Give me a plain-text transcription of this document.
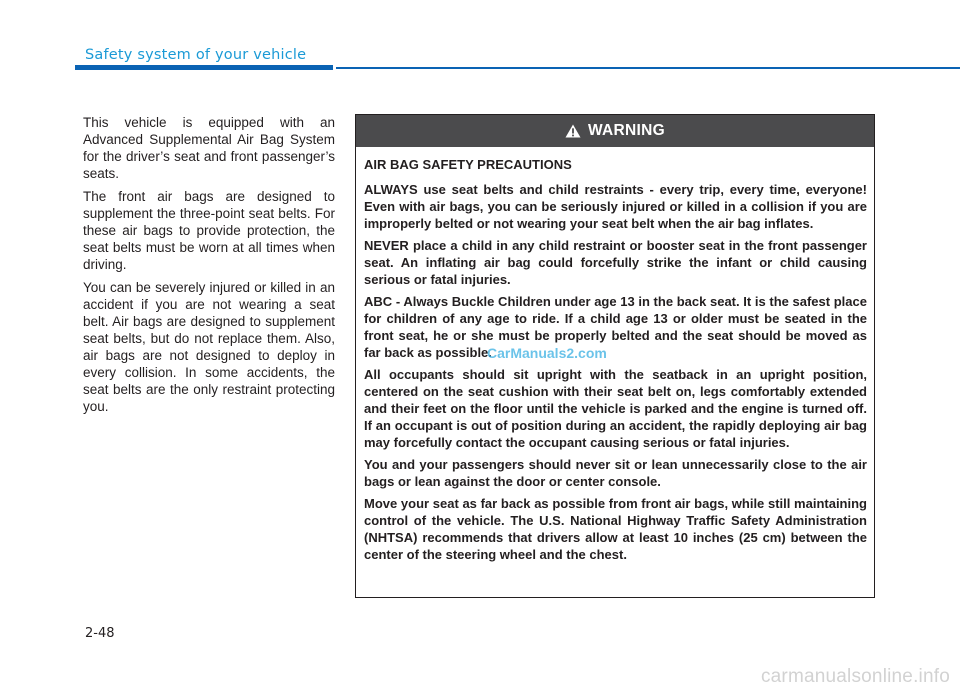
Safety system of your vehicle

This vehicle is equipped with an Advanced Supplemental Air Bag System for the driver’s seat and front passenger’s seats.

The front air bags are designed to supplement the three-point seat belts. For these air bags to provide protection, the seat belts must be worn at all times when driving.

You can be severely injured or killed in an accident if you are not wearing a seat belt. Air bags are designed to supplement seat belts, but do not replace them. Also, air bags are not designed to deploy in every collision. In some accidents, the seat belts are the only restraint protecting you.

WARNING

AIR BAG SAFETY PRECAUTIONS

ALWAYS use seat belts and child restraints - every trip, every time, everyone! Even with air bags, you can be seriously injured or killed in a collision if you are improperly belted or not wearing your seat belt when the air bag inflates.

NEVER place a child in any child restraint or booster seat in the front passenger seat. An inflating air bag could forcefully strike the infant or child causing serious or fatal injuries.

ABC - Always Buckle Children under age 13 in the back seat. It is the safest place for children of any age to ride. If a child age 13 or older must be seated in the front seat, he or she must be properly belted and the seat should be moved as far back as possible.

All occupants should sit upright with the seatback in an upright position, centered on the seat cushion with their seat belt on, legs comfortably extended and their feet on the floor until the vehicle is parked and the engine is turned off. If an occupant is out of position during an accident, the rapidly deploying air bag may forcefully contact the occupant causing serious or fatal injuries.

You and your passengers should never sit or lean unnecessarily close to the air bags or lean against the door or center console.

Move your seat as far back as possible from front air bags, while still maintaining control of the vehicle. The U.S. National Highway Traffic Safety Administration (NHTSA) recommends that drivers allow at least 10 inches (25 cm) between the center of the steering wheel and the chest.

CarManuals2.com
2-48
carmanualsonline.info
